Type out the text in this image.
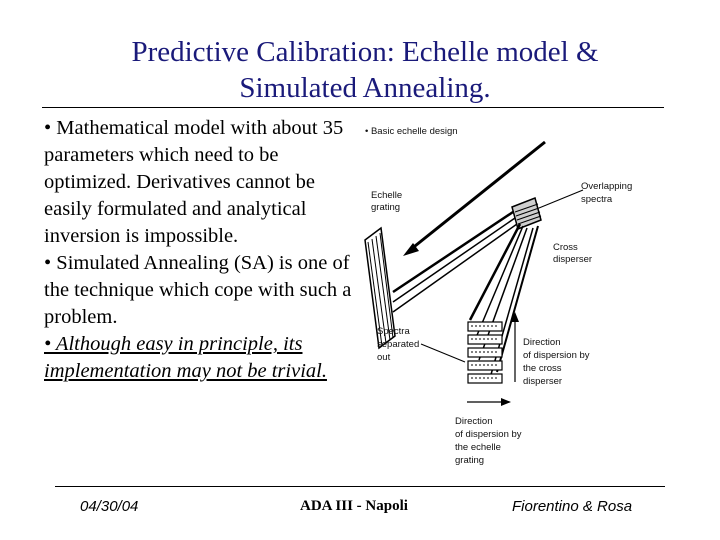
Predictive Calibration: Echelle model &
Simulated Annealing.
• Mathematical model with about 35 parameters which need to be optimized. Derivatives cannot be easily formulated and analytical inversion is impossible.
• Simulated Annealing (SA) is one of the technique which cope with such a problem.
• Although easy in principle, its implementation may not be trivial.
• Basic echelle design
Echelle
grating
Overlapping
spectra
Cross
disperser
Spectra
separated
out
Direction
of dispersion by
the cross
disperser
Direction
of dispersion by
the echelle
grating
04/30/04	ADA III - Napoli	Fiorentino & Rosa
